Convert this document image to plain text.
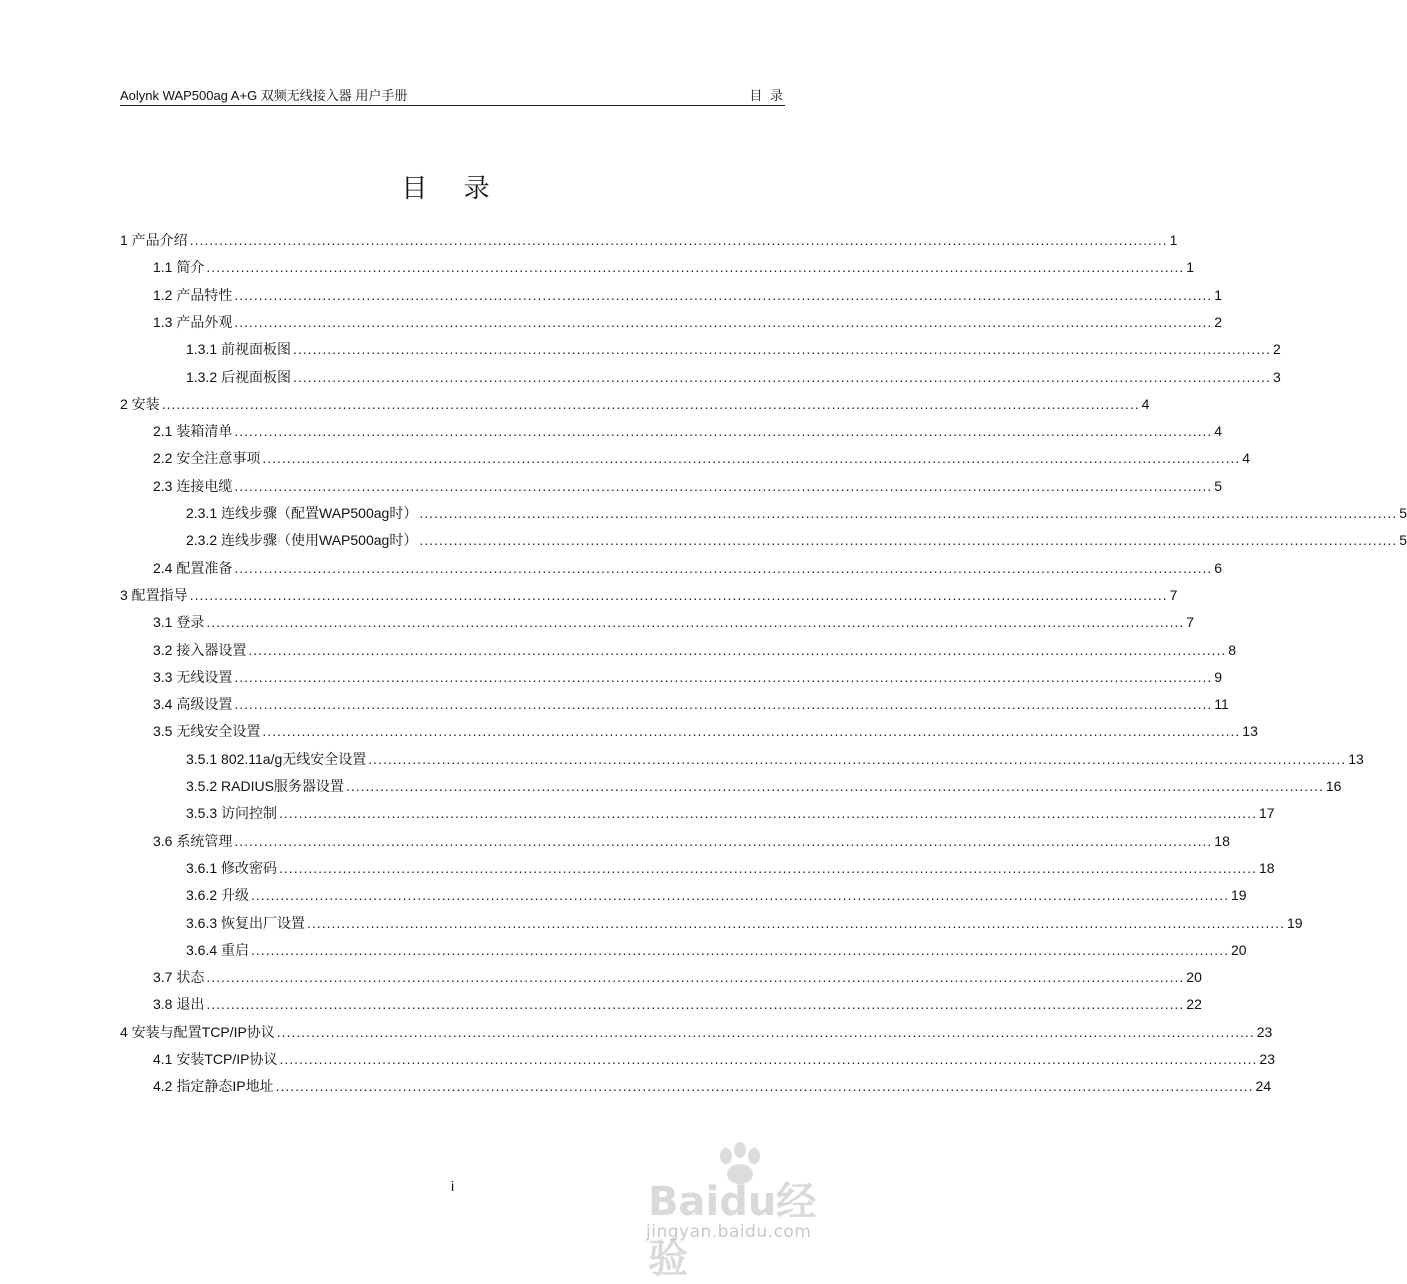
Aolynk WAP500ag A+G 双频无线接入器 用户手册	目 录
目 录
1 产品介绍 ........................................................................................................................................................................................................ 1
1.1 简介 ........................................................................................................................................................................................................ 1
1.2 产品特性 ........................................................................................................................................................................................................ 1
1.3 产品外观 ........................................................................................................................................................................................................ 2
1.3.1 前视面板图 ........................................................................................................................................................................................................ 2
1.3.2 后视面板图 ........................................................................................................................................................................................................ 3
2 安装 ........................................................................................................................................................................................................ 4
2.1 装箱清单 ........................................................................................................................................................................................................ 4
2.2 安全注意事项 ........................................................................................................................................................................................................ 4
2.3 连接电缆 ........................................................................................................................................................................................................ 5
2.3.1 连线步骤（配置WAP500ag时） ........................................................................................................................................................................................................ 5
2.3.2 连线步骤（使用WAP500ag时） ........................................................................................................................................................................................................ 5
2.4 配置准备 ........................................................................................................................................................................................................ 6
3 配置指导 ........................................................................................................................................................................................................ 7
3.1 登录 ........................................................................................................................................................................................................ 7
3.2 接入器设置 ........................................................................................................................................................................................................ 8
3.3 无线设置 ........................................................................................................................................................................................................ 9
3.4 高级设置 ........................................................................................................................................................................................................ 11
3.5 无线安全设置 ........................................................................................................................................................................................................ 13
3.5.1 802.11a/g无线安全设置 ........................................................................................................................................................................................................ 13
3.5.2 RADIUS服务器设置 ........................................................................................................................................................................................................ 16
3.5.3 访问控制 ........................................................................................................................................................................................................ 17
3.6 系统管理 ........................................................................................................................................................................................................ 18
3.6.1 修改密码 ........................................................................................................................................................................................................ 18
3.6.2 升级 ........................................................................................................................................................................................................ 19
3.6.3 恢复出厂设置 ........................................................................................................................................................................................................ 19
3.6.4 重启 ........................................................................................................................................................................................................ 20
3.7 状态 ........................................................................................................................................................................................................ 20
3.8 退出 ........................................................................................................................................................................................................ 22
4 安装与配置TCP/IP协议 ........................................................................................................................................................................................................ 23
4.1 安装TCP/IP协议 ........................................................................................................................................................................................................ 23
4.2 指定静态IP地址 ........................................................................................................................................................................................................ 24
i	Baidu经验
jingyan.baidu.com
